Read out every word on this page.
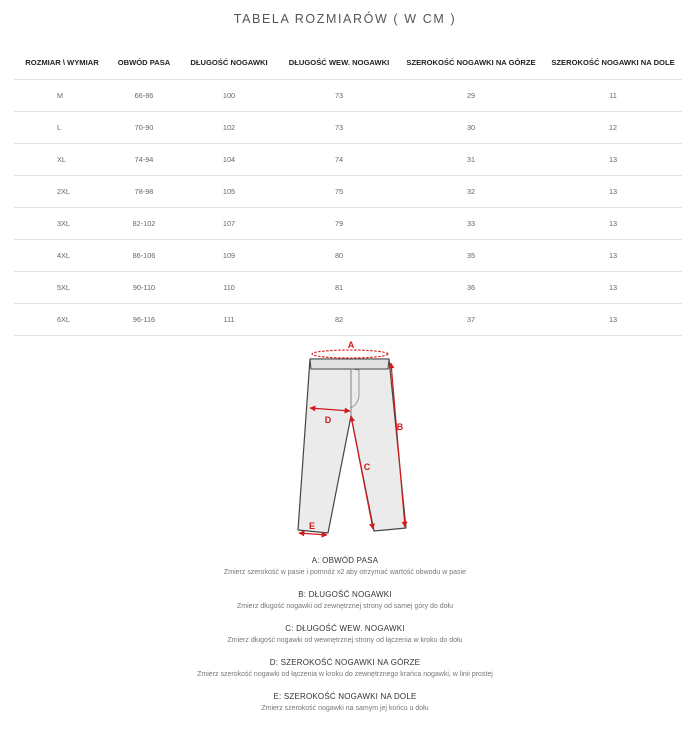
TABELA ROZMIARÓW ( W CM )
ROZMIAR \ WYMIAR	OBWÓD PASA	DŁUGOŚĆ NOGAWKI	DŁUGOŚĆ WEW. NOGAWKI	SZEROKOŚĆ NOGAWKI NA GÓRZE	SZEROKOŚĆ NOGAWKI NA DOLE
M	66-86	100	73	29	11
L	70-90	102	73	30	12
XL	74-94	104	74	31	13
2XL	78-98	105	75	32	13
3XL	82-102	107	79	33	13
4XL	86-106	109	80	35	13
5XL	90-110	110	81	36	13
6XL	96-116	111	82	37	13
A
B
C
D
E
A: OBWÓD PASA
Zmierz szerokość w pasie i pomnóż x2 aby otrzymać wartość obwodu w pasie
B: DŁUGOŚĆ NOGAWKI
Zmierz długość nogawki od zewnętrznej strony od samej góry do dołu
C: DŁUGOŚĆ WEW. NOGAWKI
Zmierz długość nogawki od wewnętrznej strony od łączenia w kroku do dołu
D: SZEROKOŚĆ NOGAWKI NA GÓRZE
Zmierz szerokość nogawki od łączenia w kroku do zewnętrznego krańca nogawki, w linii prostej
E: SZEROKOŚĆ NOGAWKI NA DOLE
Zmierz szerokość nogawki na samym jej końcu u dołu
